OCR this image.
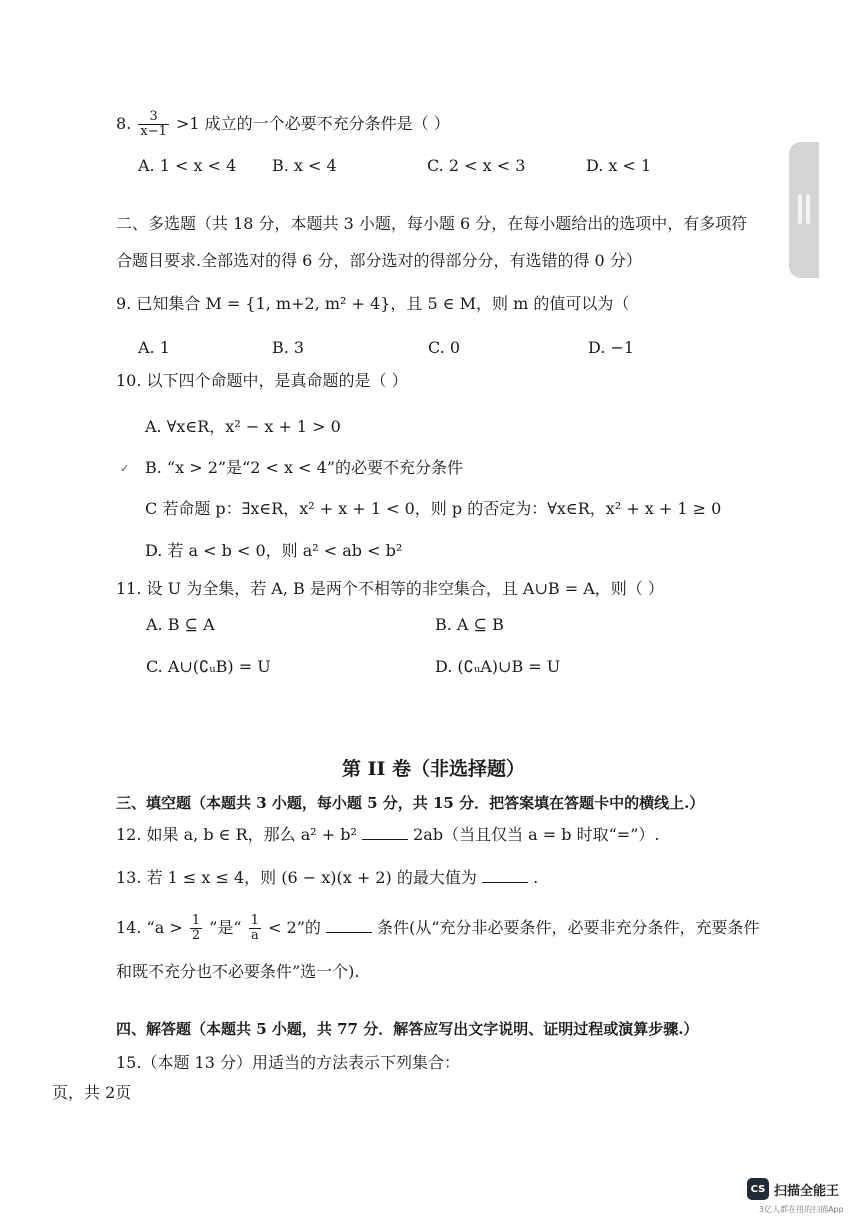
8. $\frac{3}{x-1} >1$ 成立的一个必要不充分条件是（ ）
A. 1 < x < 4 B. x < 4	C. 2 < x < 3	D. x < 1
二、多选题（共 18 分，本题共 3 小题，每小题 6 分，在每小题给出的选项中，有多项符
合题目要求.全部选对的得 6 分，部分选对的得部分分，有选错的得 0 分）
9. 已知集合 M = {1, m+2, m² + 4}，且 5 ∈ M，则 m 的值可以为（
A. 1	B. 3	C. 0	D. −1
10. 以下四个命题中，是真命题的是（ ）
A. ∀x∈R，x² − x + 1 > 0
✓ B. “x > 2”是“2 < x < 4”的必要不充分条件
C 若命题 p：∃x∈R，x² + x + 1 < 0，则 p 的否定为：∀x∈R，x² + x + 1 ≥ 0
D. 若 a < b < 0，则 a² < ab < b²
11. 设 U 为全集，若 A, B 是两个不相等的非空集合，且 A∪B = A，则（ ）
A. B ⊆ A	B. A ⊆ B
C. A∪(∁ᵤB) = U	D. (∁ᵤA)∪B = U
第 II 卷（非选择题）
三、填空题（本题共 3 小题，每小题 5 分，共 15 分．把答案填在答题卡中的横线上.）
12. 如果 a, b ∈ R，那么 a² + b²	2ab（当且仅当 a = b 时取“=”）.
13. 若 1 ≤ x ≤ 4，则 (6 − x)(x + 2) 的最大值为	.
14. “$a > \frac{1}{2}$ ”是“ $\frac{1}{a} < 2$”的	条件(从“充分非必要条件，必要非充分条件，充要条件
和既不充分也不必要条件”选一个).
四、解答题（本题共 5 小题，共 77 分．解答应写出文字说明、证明过程或演算步骤.）
15.（本题 13 分）用适当的方法表示下列集合：
页，共 2页
CS 扫描全能王
3亿人都在用的扫描App
